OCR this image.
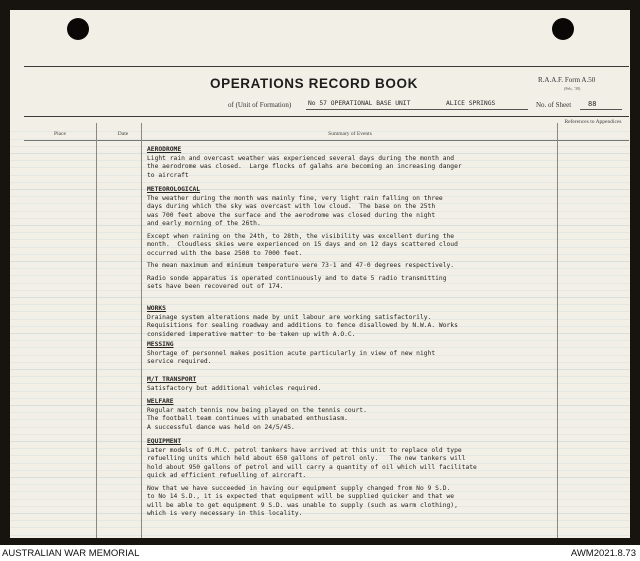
OPERATIONS RECORD BOOK	R.A.A.F. Form A.50
(Feb., '39)
of (Unit of Formation)	No 57 OPERATIONAL BASE UNIT	ALICE SPRINGS	No. of Sheet 88
Place	Date	Summary of Events
References to Appendices
AERODROME
Light rain and overcast weather was experienced several days during the month and
the aerodrome was closed.  Large flocks of galahs are becoming an increasing danger
to aircraft
METEOROLOGICAL
The weather during the month was mainly fine, very light rain falling on three
days during which the sky was overcast with low cloud.  The base on the 25th
was 700 feet above the surface and the aerodrome was closed during the night
and early morning of the 26th.

Except when raining on the 24th, to 28th, the visibility was excellent during the
month.  Cloudless skies were experienced on 15 days and on 12 days scattered cloud
occurred with the base 2500 to 7000 feet.

The mean maximum and minimum temperature were 73·1 and 47·0 degrees respectively.

Radio sonde apparatus is operated continuously and to date 5 radio transmitting
sets have been recovered out of 174.
WORKS
Drainage system alterations made by unit labour are working satisfactorily.
Requisitions for sealing roadway and additions to fence disallowed by N.W.A. Works
considered imperative matter to be taken up with A.O.C.
MESSING
Shortage of personnel makes position acute particularly in view of new night
service required.
M/T TRANSPORT
Satisfactory but additional vehicles required.
WELFARE
Regular match tennis now being played on the tennis court.
The football team continues with unabated enthusiasm.
A successful dance was held on 24/5/45.
EQUIPMENT
Later models of G.M.C. petrol tankers have arrived at this unit to replace old type
refuelling units which held about 650 gallons of petrol only.   The new tankers will
hold about 950 gallons of petrol and will carry a quantity of oil which will facilitate
quick ad efficient refuelling of aircraft.

Now that we have succeeded in having our equipment supply changed from No 9 S.D.
to No 14 S.D., it is expected that equipment will be supplied quicker and that we
will be able to get equipment 9 S.D. was unable to supply (such as warm clothing),
which is very necessary in this locality.
AUSTRALIAN WAR MEMORIAL	AWM2021.8.73
